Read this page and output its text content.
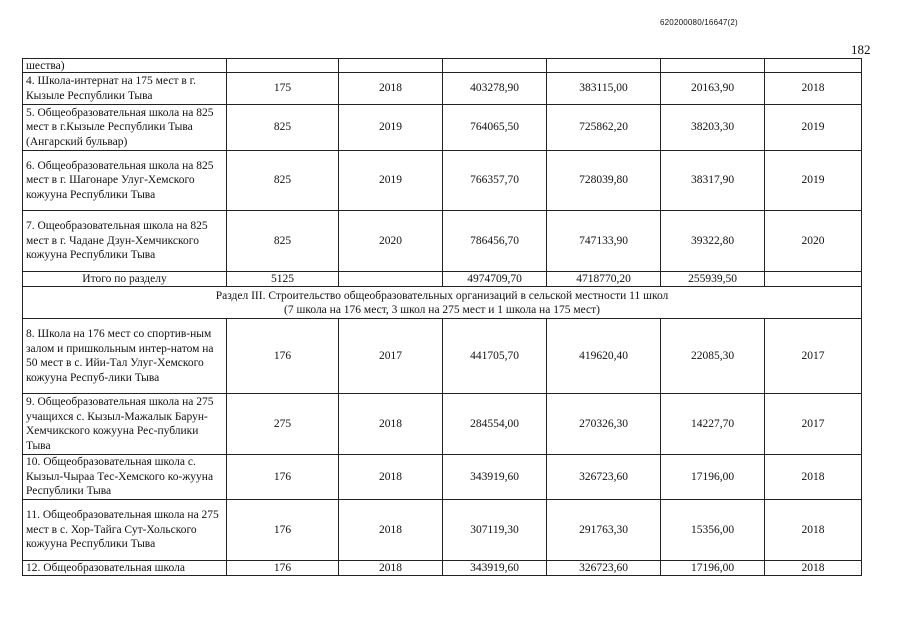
620200080/16647(2)
182
шества)						
4. Школа-интернат на 175 мест в г. Кызыле Республики Тыва	175	2018	403278,90	383115,00	20163,90	2018
5. Общеобразовательная школа на 825 мест в г.Кызыле Республики Тыва (Ангарский бульвар)	825	2019	764065,50	725862,20	38203,30	2019
6. Общеобразовательная школа на 825 мест в г. Шагонаре Улуг-Хемского кожууна Республики Тыва	825	2019	766357,70	728039,80	38317,90	2019
7. Ощеобразовательная школа на 825 мест в г. Чадане Дзун-Хемчикского кожууна Республики Тыва	825	2020	786456,70	747133,90	39322,80	2020
Итого по разделу	5125		4974709,70	4718770,20	255939,50	

Раздел III. Строительство общеобразовательных организаций в сельской местности 11 школ
(7 школа на 176 мест, 3 школ на 275 мест и 1 школа на 175 мест)						

8. Школа на 176 мест со спортив-ным залом и пришкольным интер-натом на 50 мест в с. Ийи-Тал Улуг-Хемского кожууна Респуб-лики Тыва	176	2017	441705,70	419620,40	22085,30	2017
9. Общеобразовательная школа на 275 учащихся с. Кызыл-Мажалык Барун-Хемчикского кожууна Рес-публики Тыва	275	2018	284554,00	270326,30	14227,70	2017
10. Общеобразовательная школа с. Кызыл-Чыраа Тес-Хемского ко-жууна Республики Тыва	176	2018	343919,60	326723,60	17196,00	2018
11. Общеобразовательная школа на 275 мест в с. Хор-Тайга Сут-Хольского кожууна Республики Тыва	176	2018	307119,30	291763,30	15356,00	2018
12. Общеобразовательная школа	176	2018	343919,60	326723,60	17196,00	2018
